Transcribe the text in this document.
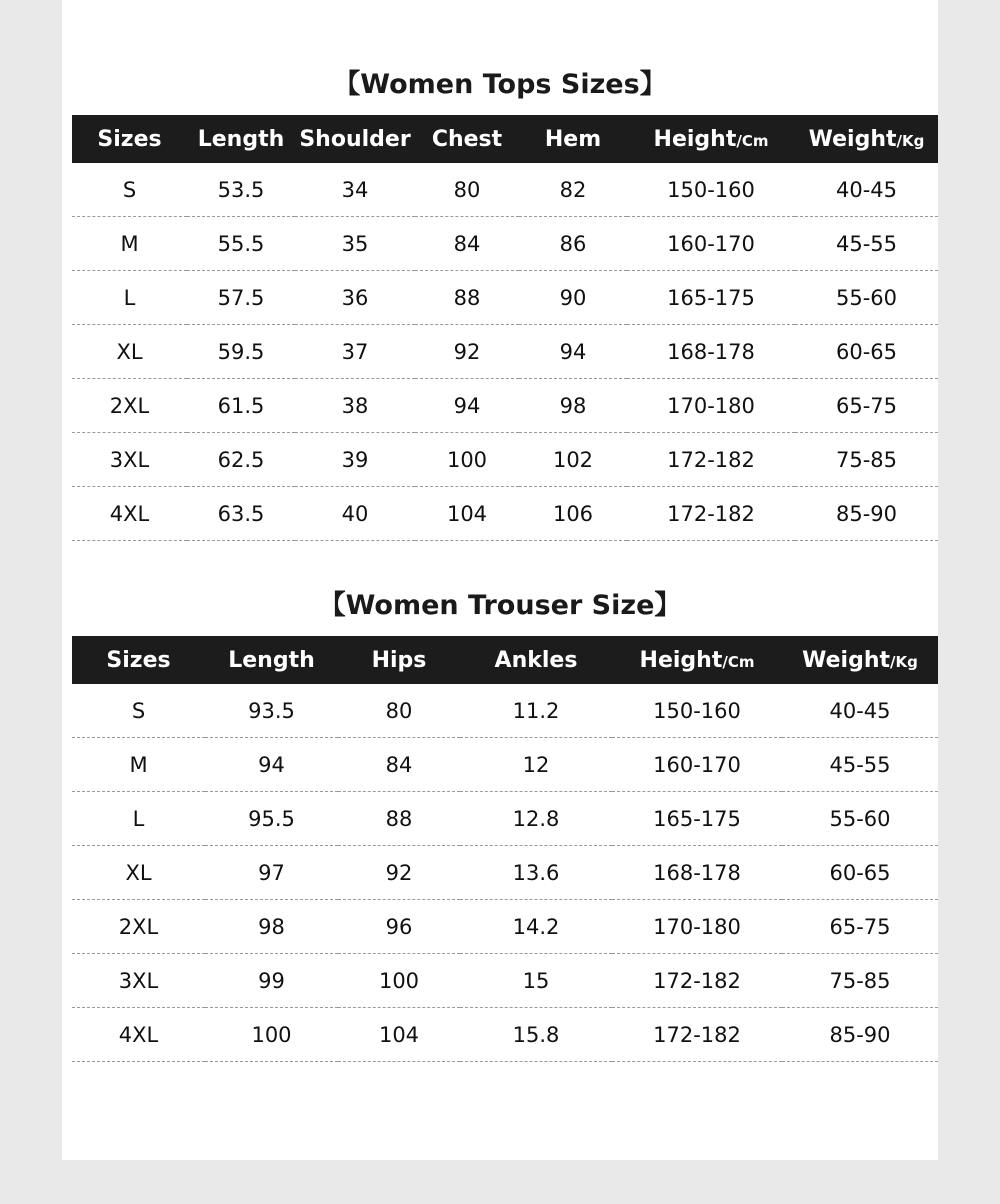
【Women Tops Sizes】
Sizes	Length	Shoulder	Chest	Hem	Height/Cm	Weight/Kg
S	53.5	34	80	82	150-160	40-45
M	55.5	35	84	86	160-170	45-55
L	57.5	36	88	90	165-175	55-60
XL	59.5	37	92	94	168-178	60-65
2XL	61.5	38	94	98	170-180	65-75
3XL	62.5	39	100	102	172-182	75-85
4XL	63.5	40	104	106	172-182	85-90
【Women Trouser Size】
Sizes	Length	Hips	Ankles	Height/Cm	Weight/Kg
S	93.5	80	11.2	150-160	40-45
M	94	84	12	160-170	45-55
L	95.5	88	12.8	165-175	55-60
XL	97	92	13.6	168-178	60-65
2XL	98	96	14.2	170-180	65-75
3XL	99	100	15	172-182	75-85
4XL	100	104	15.8	172-182	85-90
